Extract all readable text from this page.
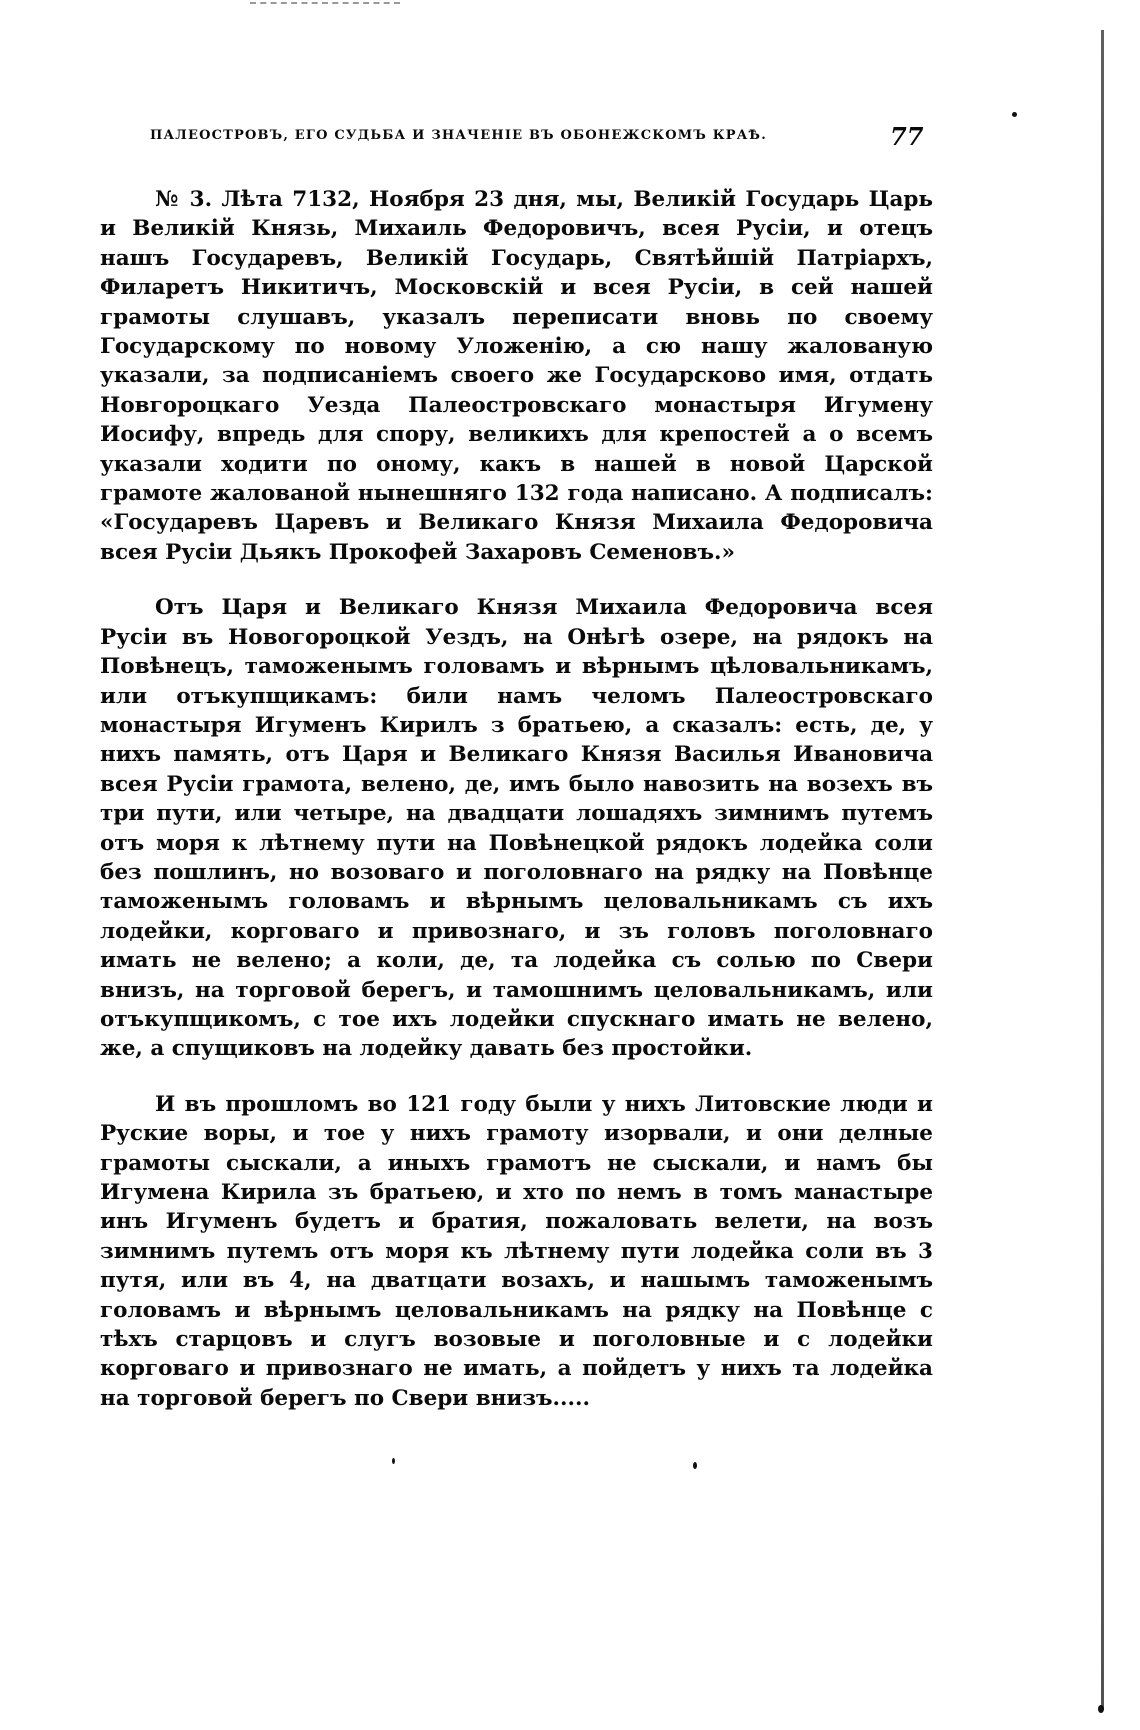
ПАЛЕОСТРОВЪ, ЕГО СУДЬБА И ЗНАЧЕНІЕ ВЪ ОБОНЕЖСКОМЪ КРАѢ.	77

№ 3. Лѣта 7132, Ноября 23 дня, мы, Великій Государь Царь и Великій Князь, Михаиль Федоровичъ, всея Русіи, и отецъ нашъ Государевъ, Великій Государь, Святѣйшій Патріархъ, Филаретъ Никитичъ, Московскій и всея Русіи, в сей нашей грамоты слушавъ, указалъ переписати вновь по своему Государскому по новому Уложенію, а сю нашу жалованую указали, за подписаніемъ своего же Государсково имя, отдать Новгороцкаго Уезда Палеостровскаго монастыря Игумену Иосифу, впредь для спору, великихъ для крепостей а о всемъ указали ходити по оному, какъ в нашей в новой Царской грамоте жалованой нынешняго 132 года написано. А подписалъ: «Государевъ Царевъ и Великаго Князя Михаила Федоровича всея Русіи Дьякъ Прокофей Захаровъ Семеновъ.»

Отъ Царя и Великаго Князя Михаила Федоровича всея Русіи въ Новогороцкой Уездъ, на Онѣгѣ озере, на рядокъ на Повѣнецъ, таможенымъ головамъ и вѣрнымъ цѣловальникамъ, или отъкупщикамъ: били намъ челомъ Палеостровскаго монастыря Игуменъ Кирилъ з братьею, а сказалъ: есть, де, у нихъ память, отъ Царя и Великаго Князя Василья Ивановича всея Русіи грамота, велено, де, имъ было навозить на возехъ въ три пути, или четыре, на двадцати лошадяхъ зимнимъ путемъ отъ моря к лѣтнему пути на Повѣнецкой рядокъ лодейка соли без пошлинъ, но возоваго и поголовнаго на рядку на Повѣнце таможенымъ головамъ и вѣрнымъ целовальникамъ съ ихъ лодейки, корговаго и привознаго, и зъ головъ поголовнаго имать не велено; а коли, де, та лодейка съ солью по Свери внизъ, на торговой берегъ, и тамошнимъ целовальникамъ, или отъкупщикомъ, с тое ихъ лодейки спускнаго имать не велено, же, а спущиковъ на лодейку давать без простойки.

И въ прошломъ во 121 году были у нихъ Литовские люди и Руские воры, и тое у нихъ грамоту изорвали, и они делные грамоты сыскали, а иныхъ грамотъ не сыскали, и намъ бы Игумена Кирила зъ братьею, и хто по немъ в томъ манастыре инъ Игуменъ будетъ и братия, пожаловать велети, на возъ зимнимъ путемъ отъ моря къ лѣтнему пути лодейка соли въ 3 путя, или въ 4, на дватцати возахъ, и нашымъ таможенымъ головамъ и вѣрнымъ целовальникамъ на рядку на Повѣнце с тѣхъ старцовъ и слугъ возовые и поголовные и с лодейки корговаго и привознаго не имать, а пойдетъ у нихъ та лодейка на торговой берегъ по Свери внизъ.....
